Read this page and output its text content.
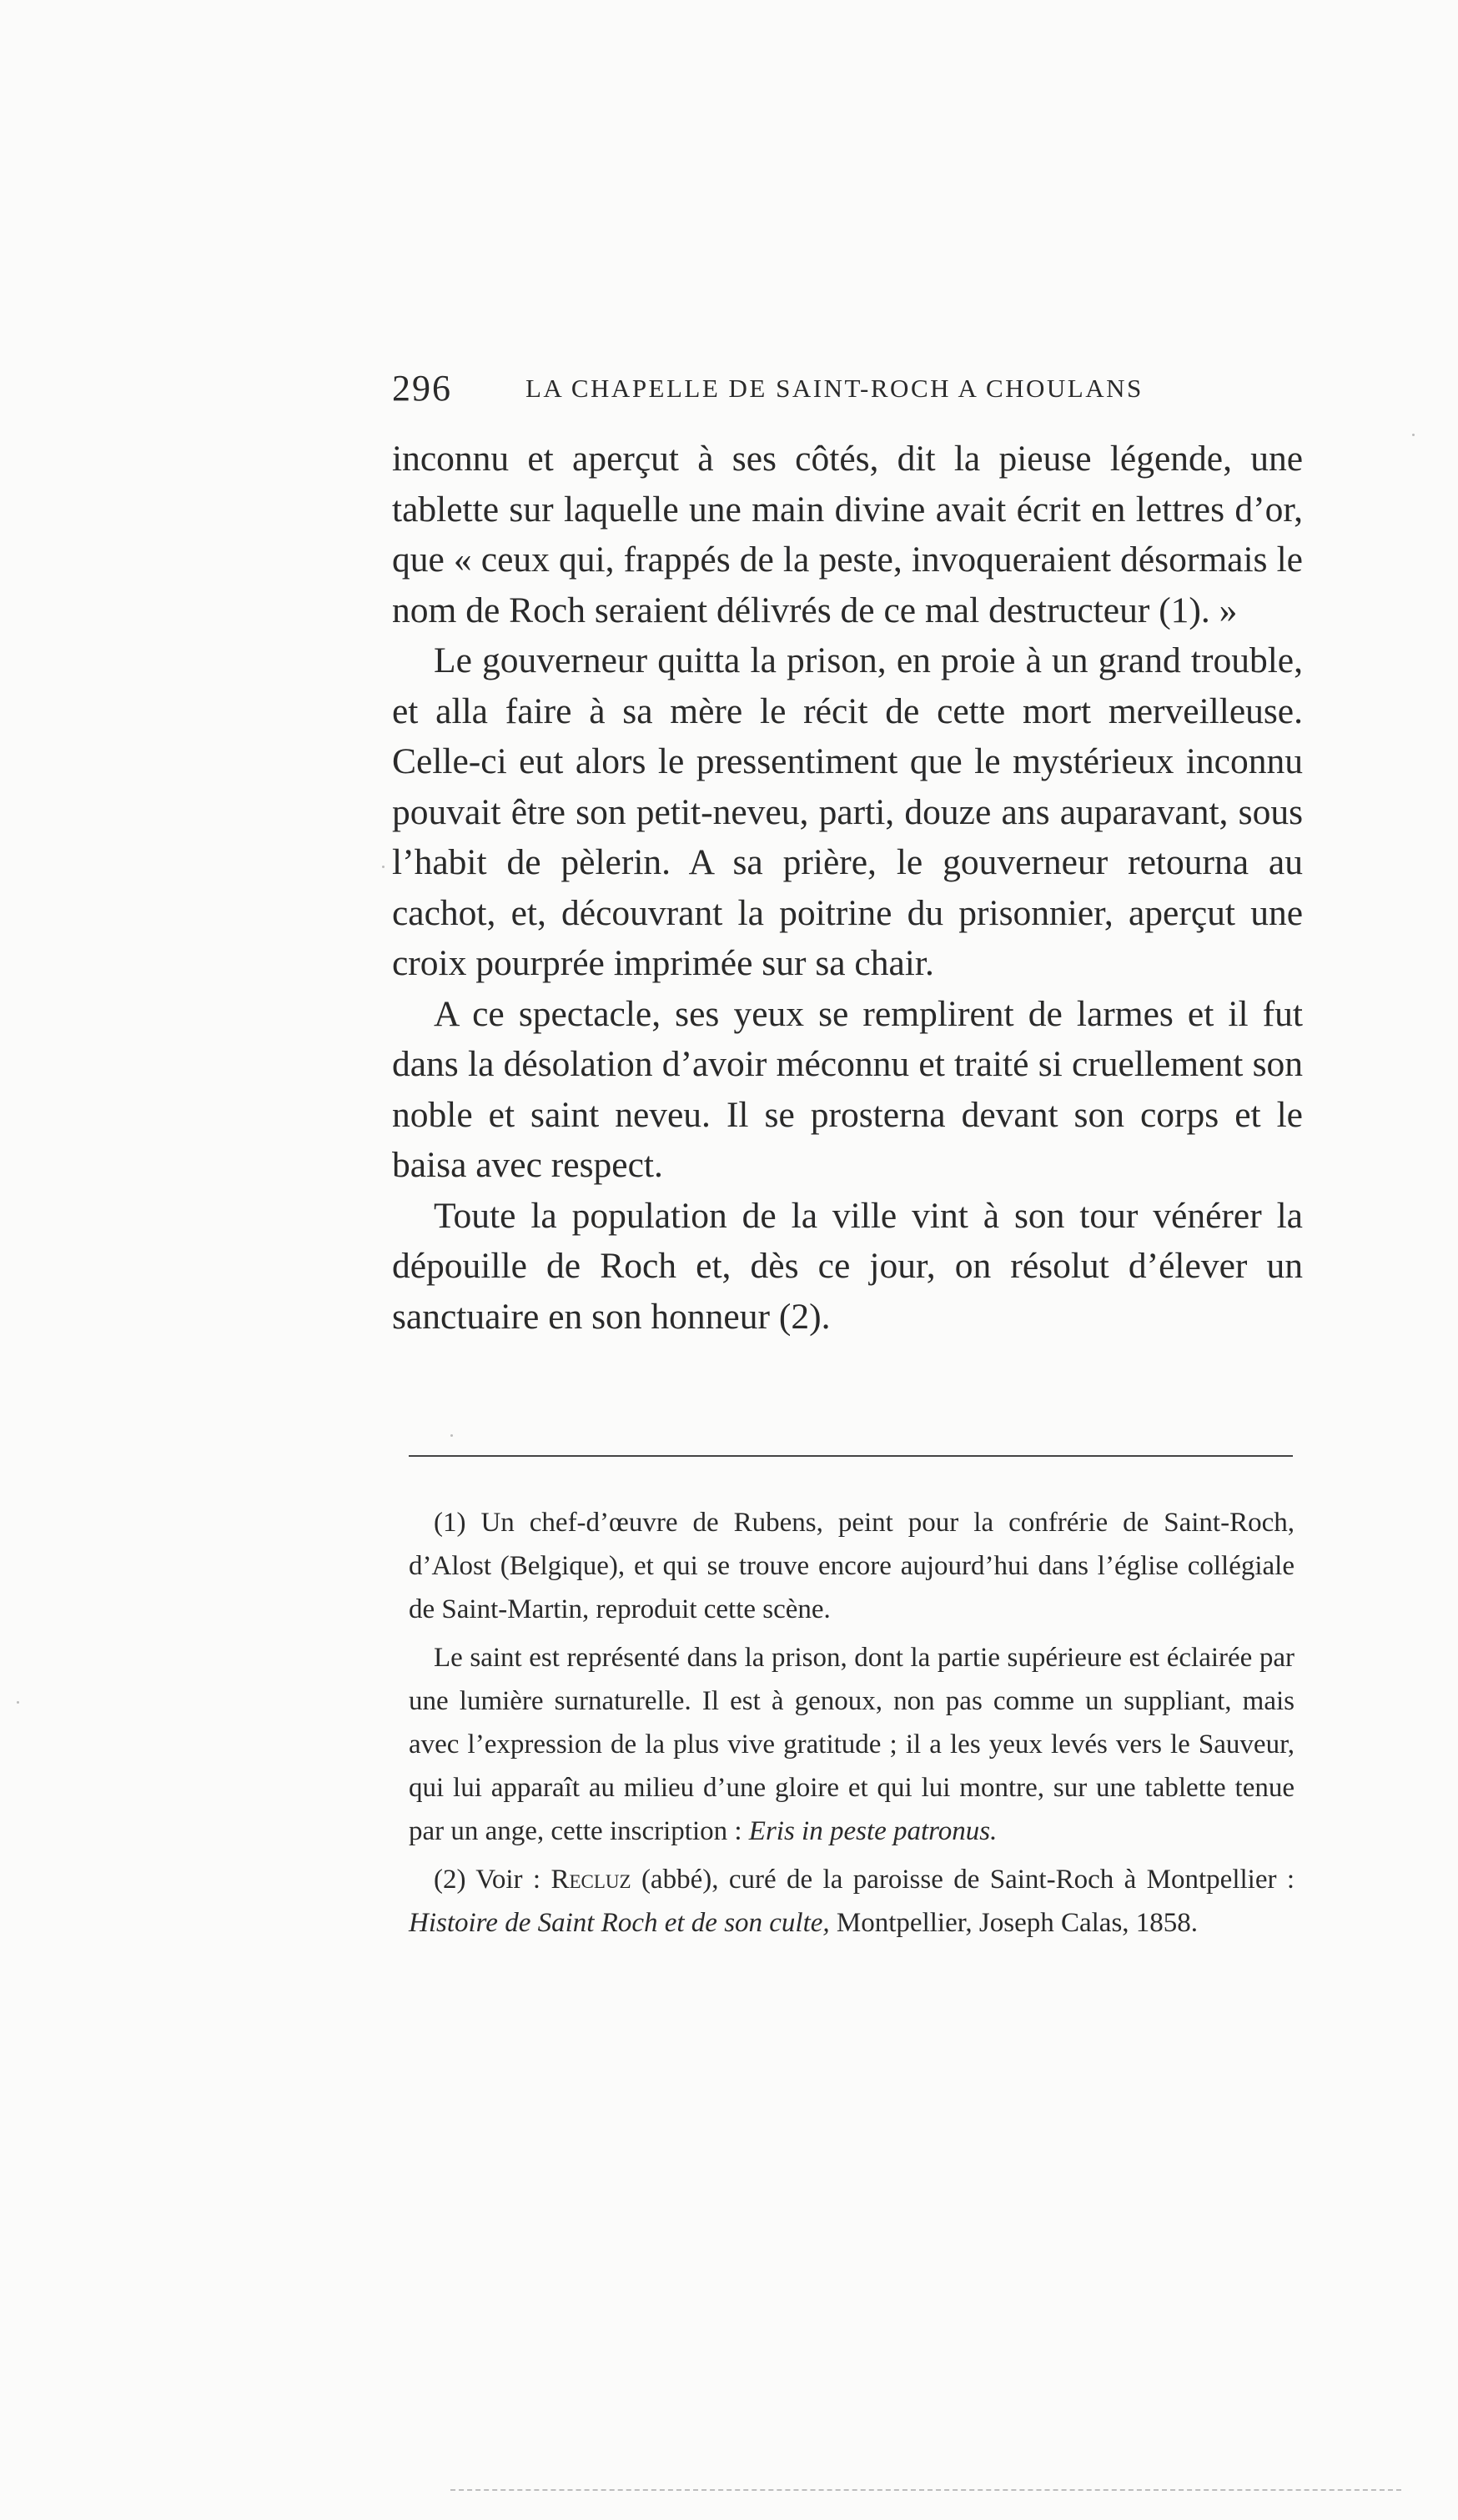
296	LA CHAPELLE DE SAINT-ROCH A CHOULANS

inconnu et aperçut à ses côtés, dit la pieuse légende, une tablette sur laquelle une main divine avait écrit en lettres d’or, que « ceux qui, frappés de la peste, invoqueraient désormais le nom de Roch seraient délivrés de ce mal destructeur (1). »

Le gouverneur quitta la prison, en proie à un grand trouble, et alla faire à sa mère le récit de cette mort merveilleuse. Celle-ci eut alors le pressentiment que le mystérieux inconnu pouvait être son petit-neveu, parti, douze ans auparavant, sous l’habit de pèlerin. A sa prière, le gouverneur retourna au cachot, et, découvrant la poitrine du prisonnier, aperçut une croix pourprée imprimée sur sa chair.

A ce spectacle, ses yeux se remplirent de larmes et il fut dans la désolation d’avoir méconnu et traité si cruellement son noble et saint neveu. Il se prosterna devant son corps et le baisa avec respect.

Toute la population de la ville vint à son tour vénérer la dépouille de Roch et, dès ce jour, on résolut d’élever un sanctuaire en son honneur (2).

(1) Un chef-d’œuvre de Rubens, peint pour la confrérie de Saint-Roch, d’Alost (Belgique), et qui se trouve encore aujourd’hui dans l’église collégiale de Saint-Martin, reproduit cette scène.

Le saint est représenté dans la prison, dont la partie supérieure est éclairée par une lumière surnaturelle. Il est à genoux, non pas comme un suppliant, mais avec l’expression de la plus vive gratitude ; il a les yeux levés vers le Sauveur, qui lui apparaît au milieu d’une gloire et qui lui montre, sur une tablette tenue par un ange, cette inscription : Eris in peste patronus.

(2) Voir : Recluz (abbé), curé de la paroisse de Saint-Roch à Montpellier : Histoire de Saint Roch et de son culte, Montpellier, Joseph Calas, 1858.
